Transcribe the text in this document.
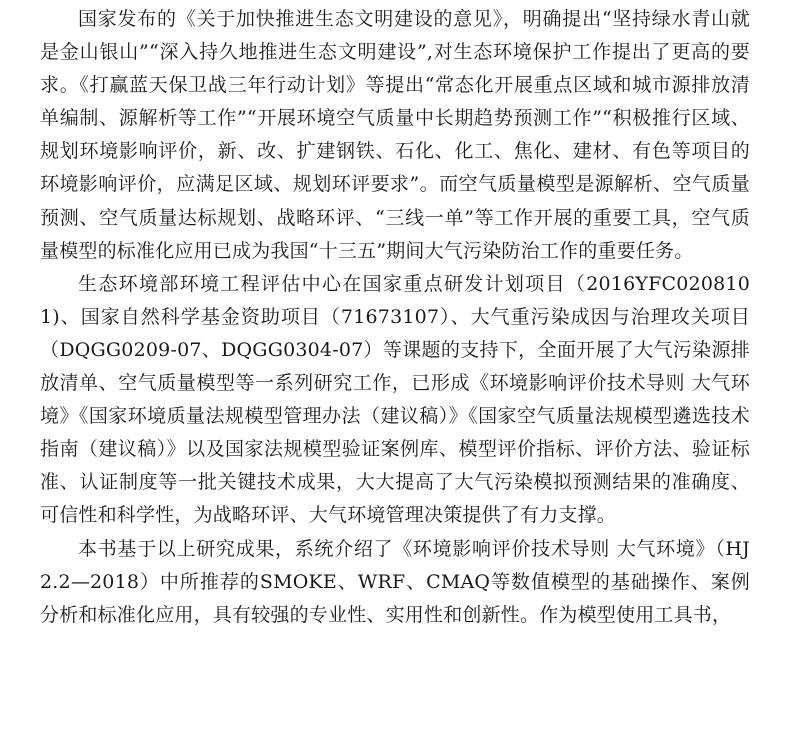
国家发布的《关于加快推进生态文明建设的意见》，明确提出“坚持绿水青山就是金山银山”“深入持久地推进生态文明建设”,对生态环境保护工作提出了更高的要求。《打赢蓝天保卫战三年行动计划》等提出“常态化开展重点区域和城市源排放清单编制、源解析等工作”“开展环境空气质量中长期趋势预测工作”“积极推行区域、规划环境影响评价，新、改、扩建钢铁、石化、化工、焦化、建材、有色等项目的环境影响评价，应满足区域、规划环评要求”。而空气质量模型是源解析、空气质量预测、空气质量达标规划、战略环评、“三线一单”等工作开展的重要工具，空气质量模型的标准化应用已成为我国“十三五”期间大气污染防治工作的重要任务。

生态环境部环境工程评估中心在国家重点研发计划项目（2016YFC0208101)、国家自然科学基金资助项目（71673107）、大气重污染成因与治理攻关项目（DQGG0209-07、DQGG0304-07）等课题的支持下，全面开展了大气污染源排放清单、空气质量模型等一系列研究工作，已形成《环境影响评价技术导则 大气环境》《国家环境质量法规模型管理办法（建议稿）》《国家空气质量法规模型遴选技术指南（建议稿）》以及国家法规模型验证案例库、模型评价指标、评价方法、验证标准、认证制度等一批关键技术成果，大大提高了大气污染模拟预测结果的准确度、可信性和科学性，为战略环评、大气环境管理决策提供了有力支撑。

本书基于以上研究成果，系统介绍了《环境影响评价技术导则 大气环境》（HJ 2.2—2018）中所推荐的SMOKE、WRF、CMAQ等数值模型的基础操作、案例分析和标准化应用，具有较强的专业性、实用性和创新性。作为模型使用工具书，
